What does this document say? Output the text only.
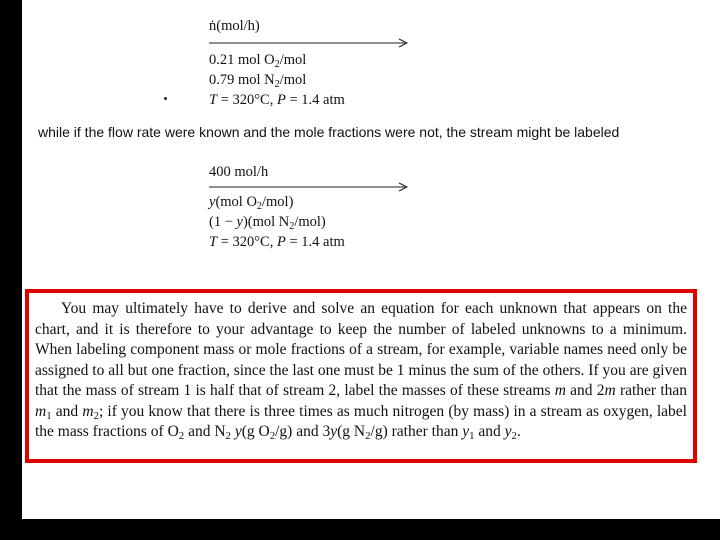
ṅ(mol/h)
0.21 mol $O_2$/mol
0.79 mol $N_2$/mol
T = 320°C, P = 1.4 atm
while if the flow rate were known and the mole fractions were not, the stream might be labeled
400 mol/h
y(mol $O_2/mol$)
(1 − y)(mol $N_2/mol$)
T = 320°C, P = 1.4 atm

You may ultimately have to derive and solve an equation for each unknown that appears on the chart, and it is therefore to your advantage to keep the number of labeled unknowns to a minimum. When labeling component mass or mole fractions of a stream, for example, variable names need only be assigned to all but one fraction, since the last one must be 1 minus the sum of the others. If you are given that the mass of stream 1 is half that of stream 2, label the masses of these streams m and 2m rather than $m_1$ and $m_2$; if you know that there is three times as much nitrogen (by mass) in a stream as oxygen, label the mass fractions of $O_2$ and $N_2$ y(g $O_2/g$) and 3y(g $N_2/g$) rather than $y_1$ and $y_2$.
